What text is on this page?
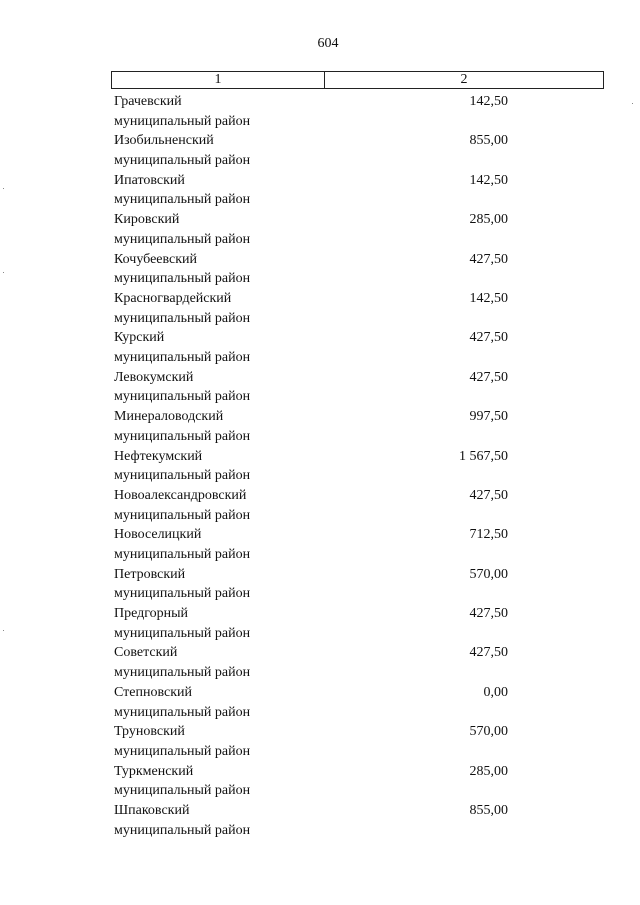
604
1	2
Грачевский
муниципальный район
142,50
Изобильненский
муниципальный район
855,00
Ипатовский
муниципальный район
142,50
Кировский
муниципальный район
285,00
Кочубеевский
муниципальный район
427,50
Красногвардейский
муниципальный район
142,50
Курский
муниципальный район
427,50
Левокумский
муниципальный район
427,50
Минераловодский
муниципальный район
997,50
Нефтекумский
муниципальный район
1 567,50
Новоалександровский
муниципальный район
427,50
Новоселицкий
муниципальный район
712,50
Петровский
муниципальный район
570,00
Предгорный
муниципальный район
427,50
Советский
муниципальный район
427,50
Степновский
муниципальный район
0,00
Труновский
муниципальный район
570,00
Туркменский
муниципальный район
285,00
Шпаковский
муниципальный район
855,00
